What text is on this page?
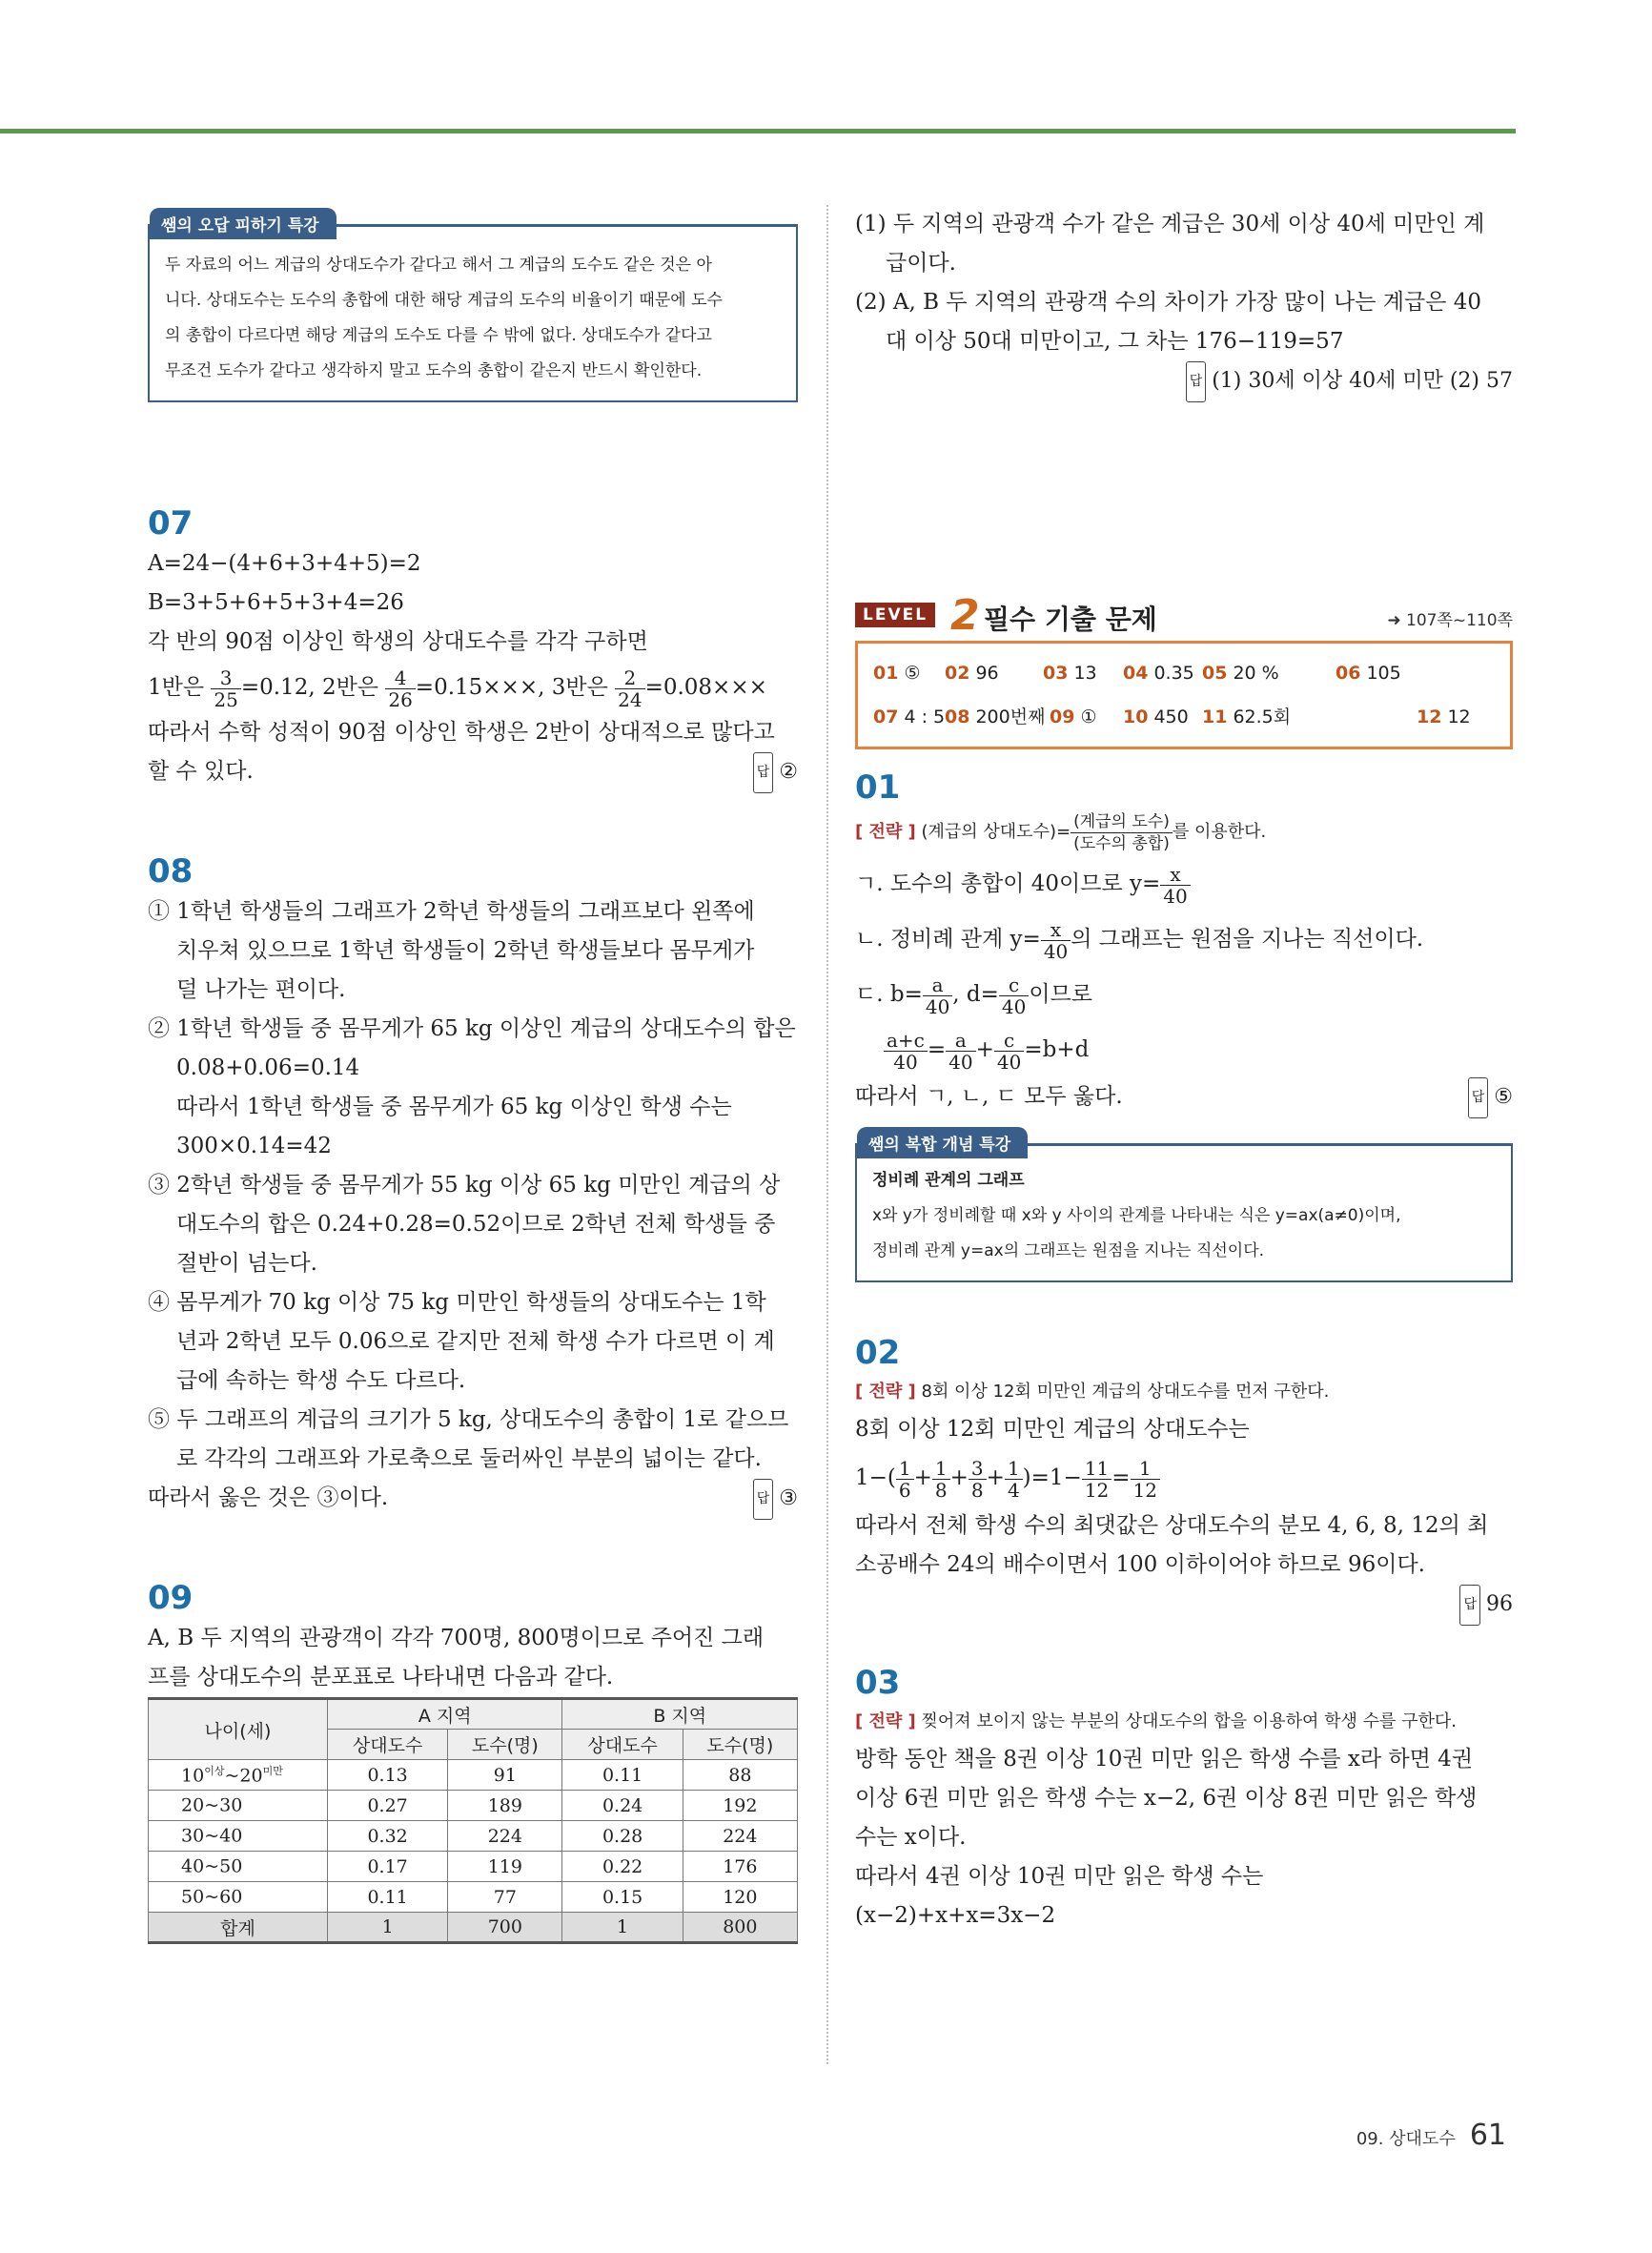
쌤의 오답 피하기 특강
두 자료의 어느 계급의 상대도수가 같다고 해서 그 계급의 도수도 같은 것은 아
니다. 상대도수는 도수의 총합에 대한 해당 계급의 도수의 비율이기 때문에 도수
의 총합이 다르다면 해당 계급의 도수도 다를 수 밖에 없다. 상대도수가 같다고
무조건 도수가 같다고 생각하지 말고 도수의 총합이 같은지 반드시 확인한다.
07
A=24−(4+6+3+4+5)=2
B=3+5+6+5+3+4=26
각 반의 90점 이상인 학생의 상대도수를 각각 구하면
1반은 $\frac{3}{25} =0.12$, 2반은 $\frac{4}{26} =0.15\times\times\times$, 3반은 $\frac{2}{24} =0.08\times\times\times$
따라서 수학 성적이 90점 이상인 학생은 2반이 상대적으로 많다고
할 수 있다.	답 ②
08
① 1학년 학생들의 그래프가 2학년 학생들의 그래프보다 왼쪽에
치우쳐 있으므로 1학년 학생들이 2학년 학생들보다 몸무게가
덜 나가는 편이다.
② 1학년 학생들 중 몸무게가 65 kg 이상인 계급의 상대도수의 합은
0.08+0.06=0.14
따라서 1학년 학생들 중 몸무게가 65 kg 이상인 학생 수는
300×0.14=42
③ 2학년 학생들 중 몸무게가 55 kg 이상 65 kg 미만인 계급의 상
대도수의 합은 0.24+0.28=0.52이므로 2학년 전체 학생들 중
절반이 넘는다.
④ 몸무게가 70 kg 이상 75 kg 미만인 학생들의 상대도수는 1학
년과 2학년 모두 0.06으로 같지만 전체 학생 수가 다르면 이 계
급에 속하는 학생 수도 다르다.
⑤ 두 그래프의 계급의 크기가 5 kg, 상대도수의 총합이 1로 같으므
로 각각의 그래프와 가로축으로 둘러싸인 부분의 넓이는 같다.
따라서 옳은 것은 ③이다.	답 ③
09
A, B 두 지역의 관광객이 각각 700명, 800명이므로 주어진 그래
프를 상대도수의 분포표로 나타내면 다음과 같다.
나이(세)	A 지역		B 지역	
	상대도수	도수(명)	상대도수	도수(명)
$10^{이상}\sim 20^{미만}$	0.13	91	0.11	88
20~30	0.27	189	0.24	192
30~40	0.32	224	0.28	224
40~50	0.17	119	0.22	176
50~60	0.11	77	0.15	120
합계	1	700	1	800
(1) 두 지역의 관광객 수가 같은 계급은 30세 이상 40세 미만인 계
급이다.
(2) A, B 두 지역의 관광객 수의 차이가 가장 많이 나는 계급은 40
대 이상 50대 미만이고, 그 차는 176−119=57
답 (1) 30세 이상 40세 미만 (2) 57
LEVEL 2 필수 기출 문제	➜ 107쪽~110쪽
01 ⑤ 02 96 03 13 04 0.35 05 20 %	06 105
07 4 : 5 08 200번째 09 ① 10 450 11 62.5회	12 12
01
[ 전략 ] (계급의 상대도수)= $\frac{\text{(계급의 도수)}}{\text{(도수의 총합)}}$ 를 이용한다.
ㄱ. 도수의 총합이 40이므로 $y= \frac{x}{40}$
ㄴ. 정비례 관계 $y= \frac{x}{40}$ 의 그래프는 원점을 지나는 직선이다.
ㄷ. $b= \frac{a}{40}$ , $d= \frac{c}{40}$ 이므로
$\frac{a+c}{40} = \frac{a}{40} + \frac{c}{40} =b+d$
따라서 ㄱ, ㄴ, ㄷ 모두 옳다.	답 ⑤
쌤의 복합 개념 특강
정비례 관계의 그래프
x와 y가 정비례할 때 x와 y 사이의 관계를 나타내는 식은 y=ax(a≠0)이며,
정비례 관계 y=ax의 그래프는 원점을 지나는 직선이다.
02
[ 전략 ] 8회 이상 12회 미만인 계급의 상대도수를 먼저 구한다.
8회 이상 12회 미만인 계급의 상대도수는
$1-( \frac{1}{6} + \frac{1}{8} + \frac{3}{8} + \frac{1}{4} )=1- \frac{11}{12} = \frac{1}{12}$
따라서 전체 학생 수의 최댓값은 상대도수의 분모 4, 6, 8, 12의 최
소공배수 24의 배수이면서 100 이하이어야 하므로 96이다.
답 96
03
[ 전략 ] 찢어져 보이지 않는 부분의 상대도수의 합을 이용하여 학생 수를 구한다.
방학 동안 책을 8권 이상 10권 미만 읽은 학생 수를 x라 하면 4권
이상 6권 미만 읽은 학생 수는 x−2, 6권 이상 8권 미만 읽은 학생
수는 x이다.
따라서 4권 이상 10권 미만 읽은 학생 수는
(x−2)+x+x=3x−2
09. 상대도수 61
